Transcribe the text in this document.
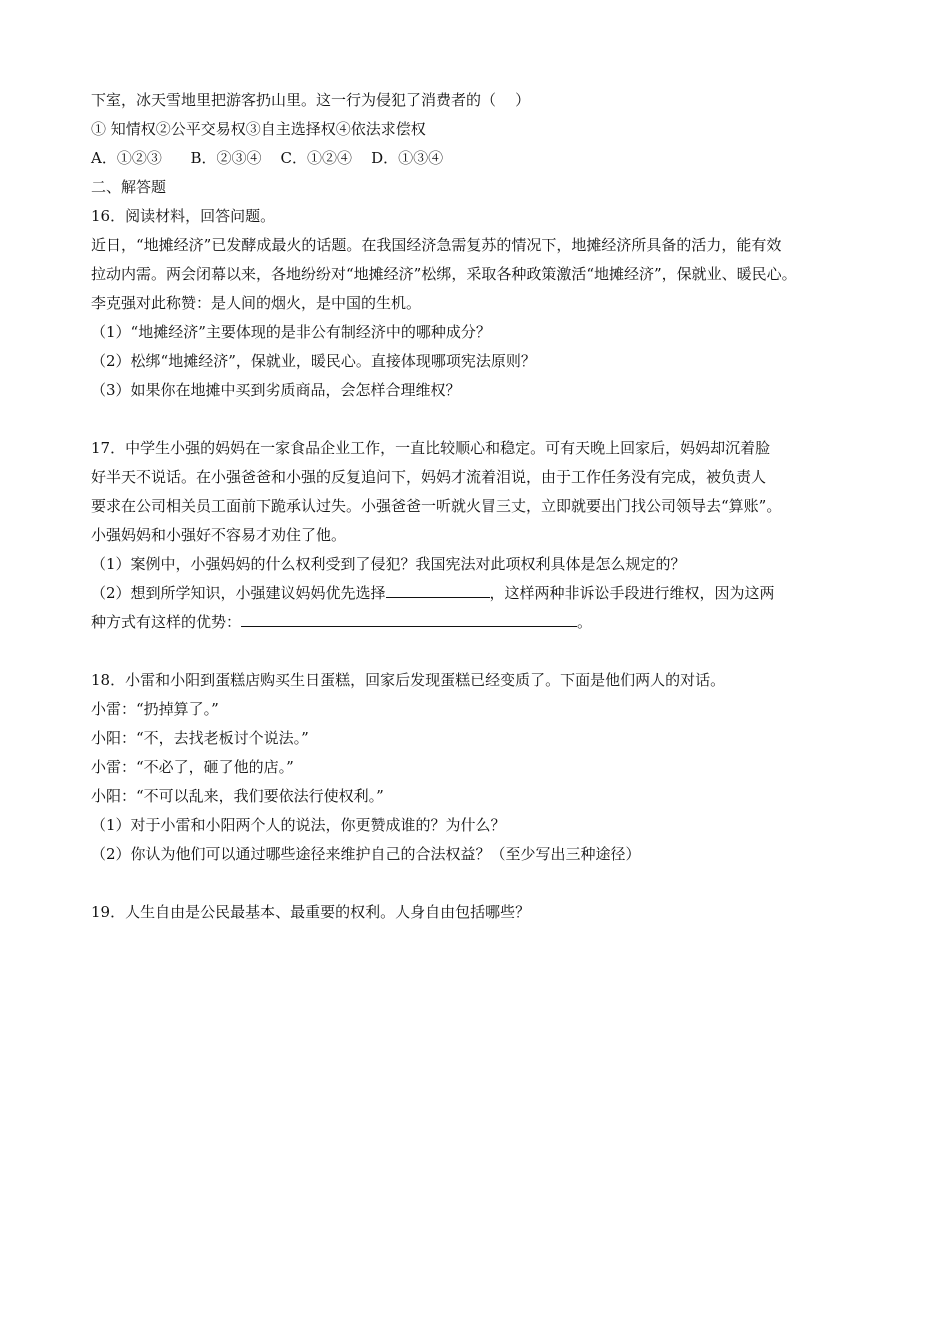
下室，冰天雪地里把游客扔山里。这一行为侵犯了消费者的（    ）
① 知情权②公平交易权③自主选择权④依法求偿权
A．①②③      B．②③④    C．①②④    D．①③④
二、解答题
16．阅读材料，回答问题。
近日，“地摊经济”已发酵成最火的话题。在我国经济急需复苏的情况下，地摊经济所具备的活力，能有效
拉动内需。两会闭幕以来，各地纷纷对“地摊经济”松绑，采取各种政策激活“地摊经济”，保就业、暖民心。
李克强对此称赞：是人间的烟火，是中国的生机。
（1）“地摊经济”主要体现的是非公有制经济中的哪种成分？
（2）松绑“地摊经济”，保就业，暖民心。直接体现哪项宪法原则？
（3）如果你在地摊中买到劣质商品，会怎样合理维权？
17．中学生小强的妈妈在一家食品企业工作，一直比较顺心和稳定。可有天晚上回家后，妈妈却沉着脸
好半天不说话。在小强爸爸和小强的反复追问下，妈妈才流着泪说，由于工作任务没有完成，被负责人
要求在公司相关员工面前下跪承认过失。小强爸爸一听就火冒三丈，立即就要出门找公司领导去“算账”。
小强妈妈和小强好不容易才劝住了他。
（1）案例中，小强妈妈的什么权利受到了侵犯？我国宪法对此项权利具体是怎么规定的？
（2）想到所学知识，小强建议妈妈优先选择	，这样两种非诉讼手段进行维权，因为这两
种方式有这样的优势：	。
18．小雷和小阳到蛋糕店购买生日蛋糕，回家后发现蛋糕已经变质了。下面是他们两人的对话。
小雷：“扔掉算了。”
小阳：“不，去找老板讨个说法。”
小雷：“不必了，砸了他的店。”
小阳：“不可以乱来，我们要依法行使权利。”
（1）对于小雷和小阳两个人的说法，你更赞成谁的？为什么？
（2）你认为他们可以通过哪些途径来维护自己的合法权益？（至少写出三种途径）
19．人生自由是公民最基本、最重要的权利。人身自由包括哪些？
